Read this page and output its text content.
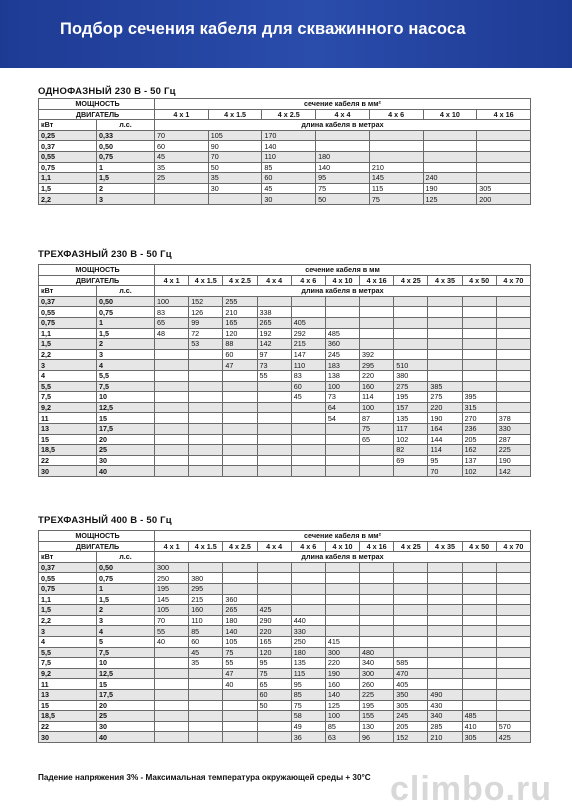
Подбор сечения кабеля для скважинного насоса
ОДНОФАЗНЫЙ 230 В - 50 Гц
МОЩНОСТЬ		сечение кабеля в мм²						
ДВИГАТЕЛЬ		4 x 1	4 x 1.5	4 x 2.5	4 x 4	4 x 6	4 x 10	4 x 16
кВт	л.с.	длина кабеля в метрах						
0,25	0,33	70	105	170				
0,37	0,50	60	90	140				
0,55	0,75	45	70	110	180			
0,75	1	35	50	85	140	210		
1,1	1,5	25	35	60	95	145	240	
1,5	2		30	45	75	115	190	305
2,2	3			30	50	75	125	200
ТРЕХФАЗНЫЙ 230 В - 50 Гц
МОЩНОСТЬ		сечение кабеля в мм										
ДВИГАТЕЛЬ		4 x 1	4 x 1.5	4 x 2.5	4 x 4	4 x 6	4 x 10	4 x 16	4 x 25	4 x 35	4 x 50	4 x 70
кВт	л.с.	длина кабеля в метрах										
0,37	0,50	100	152	255								
0,55	0,75	83	126	210	338							
0,75	1	65	99	165	265	405						
1,1	1,5	48	72	120	192	292	485					
1,5	2		53	88	142	215	360					
2,2	3			60	97	147	245	392				
3	4			47	73	110	183	295	510			
4	5,5				55	83	138	220	380			
5,5	7,5					60	100	160	275	385		
7,5	10					45	73	114	195	275	395	
9,2	12,5						64	100	157	220	315	
11	15						54	87	135	190	270	378
13	17,5							75	117	164	236	330
15	20							65	102	144	205	287
18,5	25								82	114	162	225
22	30								69	95	137	190
30	40									70	102	142
ТРЕХФАЗНЫЙ 400 В - 50 Гц
МОЩНОСТЬ		сечение кабеля в мм²										
ДВИГАТЕЛЬ		4 x 1	4 x 1.5	4 x 2.5	4 x 4	4 x 6	4 x 10	4 x 16	4 x 25	4 x 35	4 x 50	4 x 70
кВт	л.с.	длина кабеля в метрах										
0,37	0,50	300										
0,55	0,75	250	380									
0,75	1	195	295									
1,1	1,5	145	215	360								
1,5	2	105	160	265	425							
2,2	3	70	110	180	290	440						
3	4	55	85	140	220	330						
4	5	40	60	105	165	250	415					
5,5	7,5		45	75	120	180	300	480				
7,5	10		35	55	95	135	220	340	585			
9,2	12,5			47	75	115	190	300	470			
11	15			40	65	95	160	260	405			
13	17,5				60	85	140	225	350	490		
15	20				50	75	125	195	305	430		
18,5	25					58	100	155	245	340	485	
22	30					49	85	130	205	285	410	570
30	40					36	63	96	152	210	305	425
Падение напряжения 3% - Максимальная температура окружающей среды + 30°C climbo.ru
